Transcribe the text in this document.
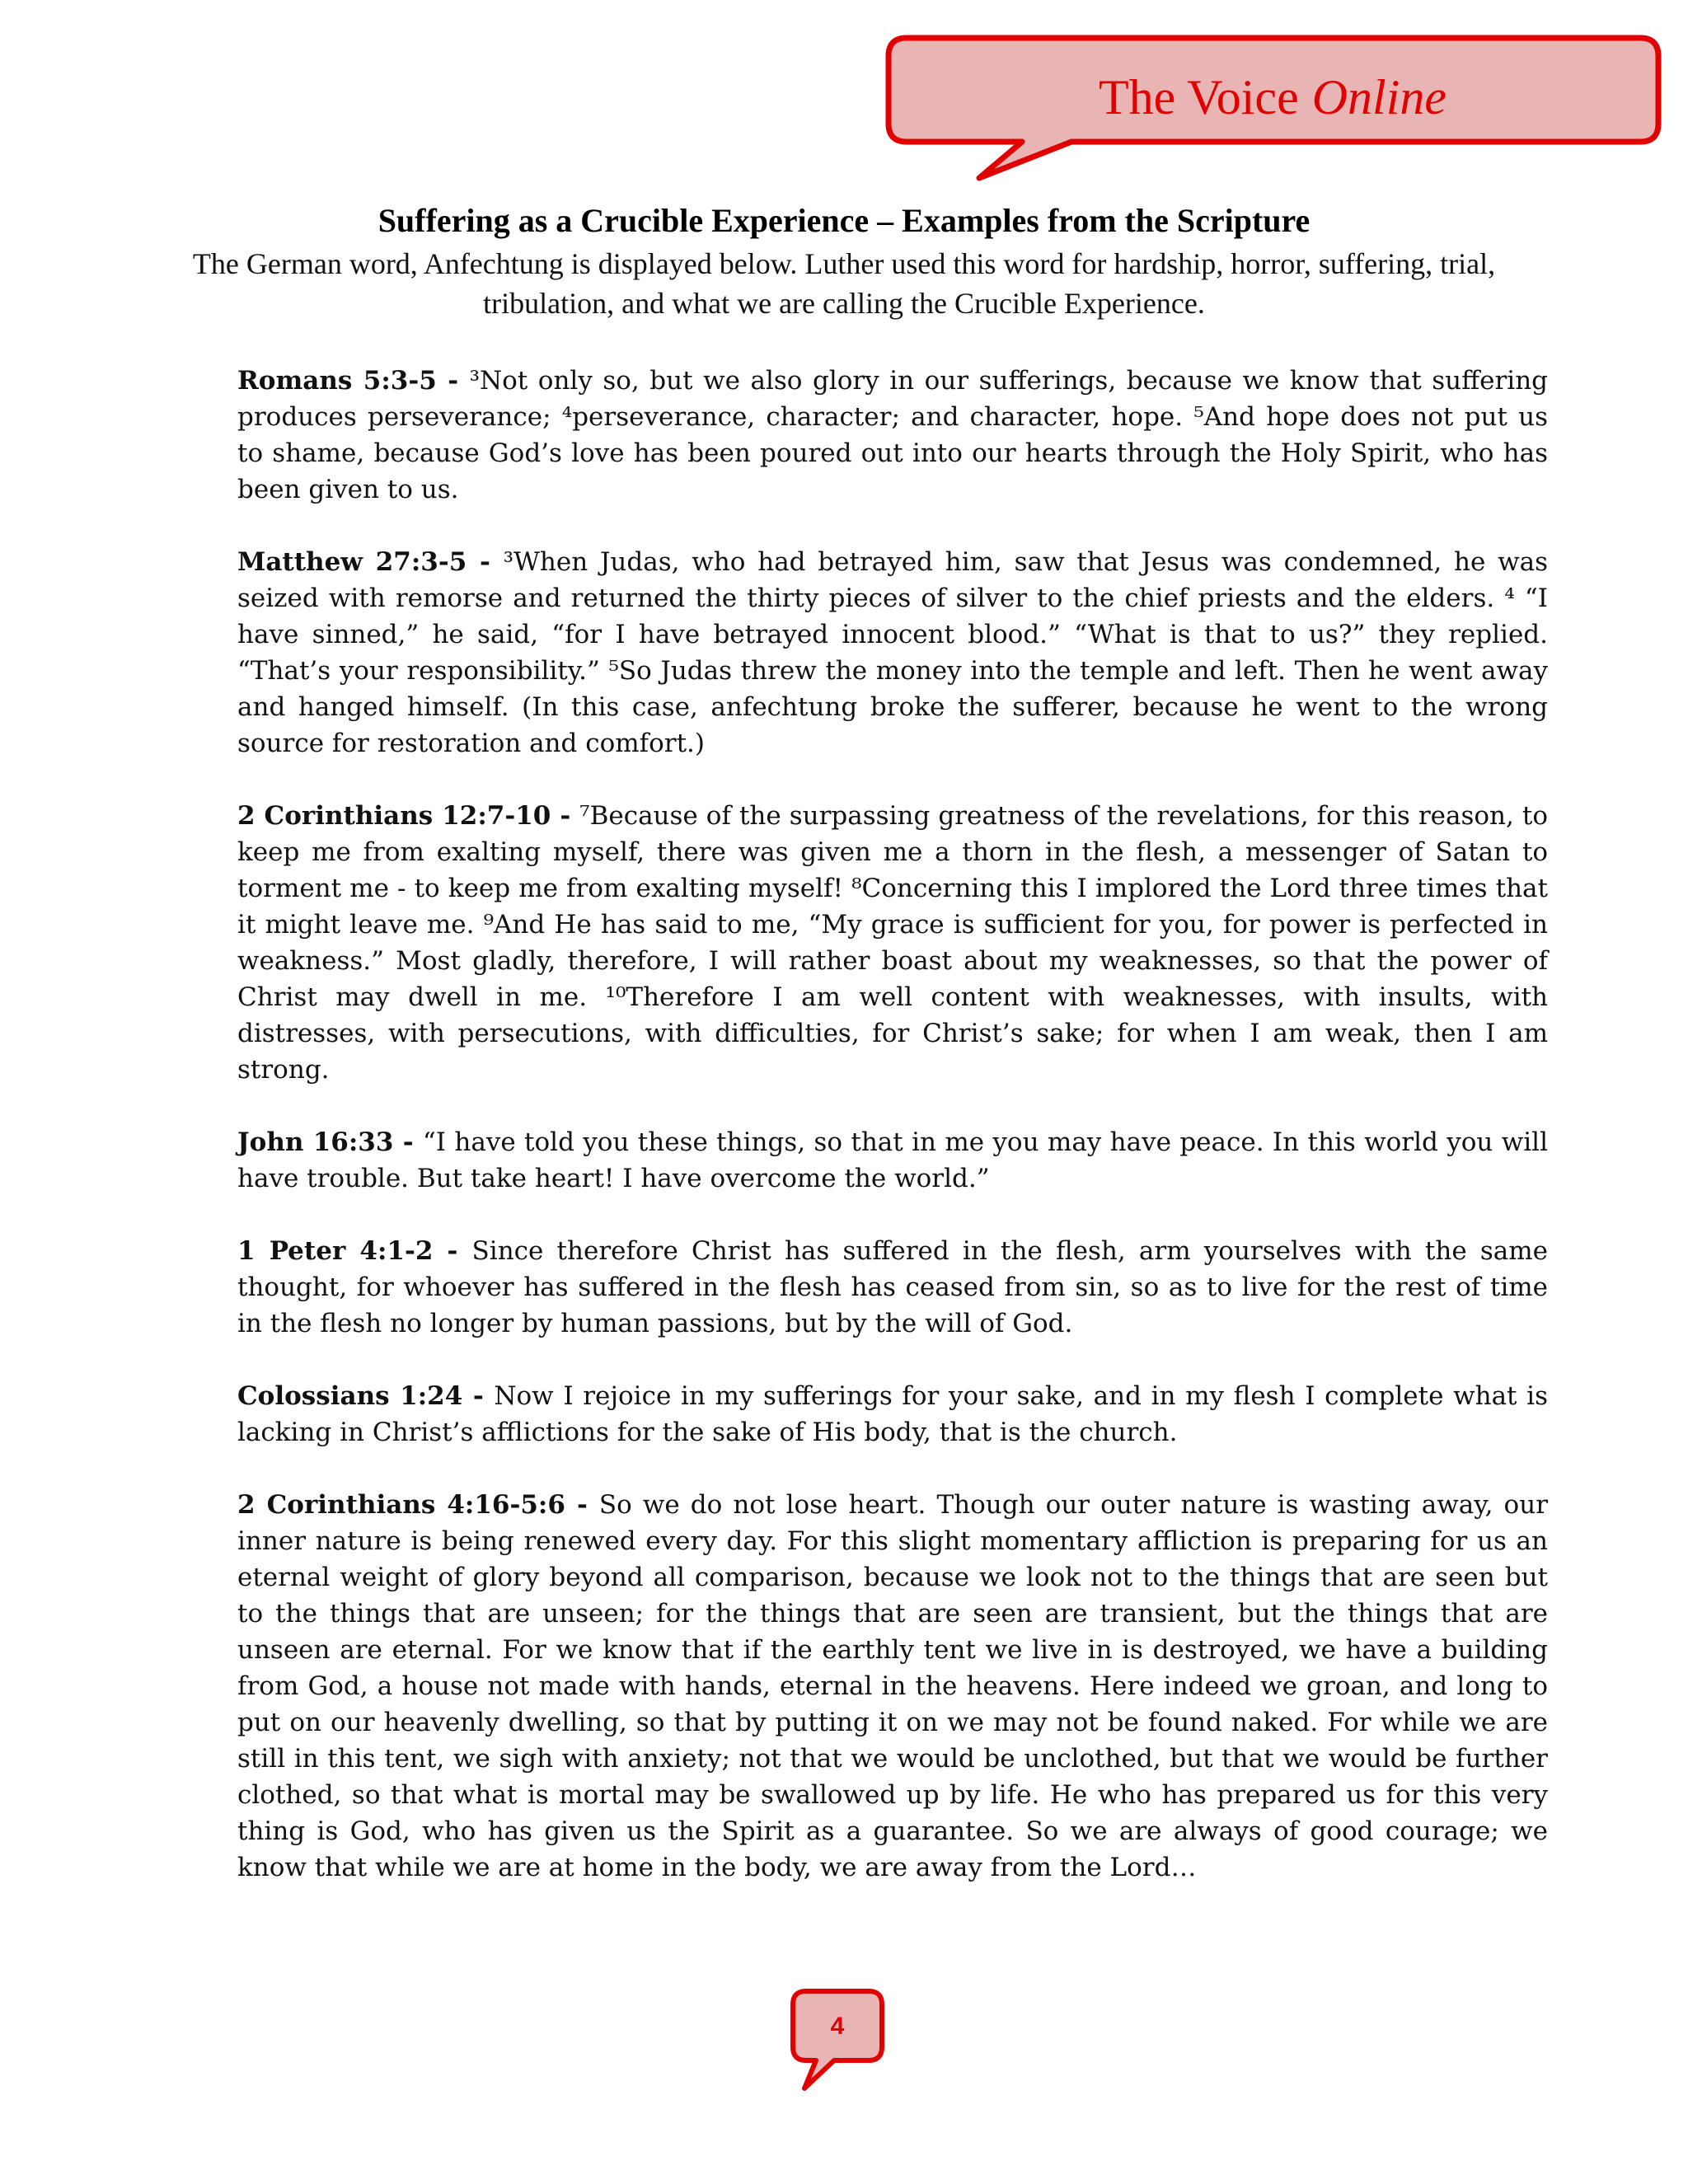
The Voice Online
Suffering as a Crucible Experience – Examples from the Scripture
The German word, Anfechtung is displayed below. Luther used this word for hardship, horror, suffering, trial, tribulation, and what we are calling the Crucible Experience.

Romans 5:3-5 - ³Not only so, but we also glory in our sufferings, because we know that suffering produces perseverance; ⁴perseverance, character; and character, hope. ⁵And hope does not put us to shame, because God’s love has been poured out into our hearts through the Holy Spirit, who has been given to us.

Matthew 27:3-5 - ³When Judas, who had betrayed him, saw that Jesus was condemned, he was seized with remorse and returned the thirty pieces of silver to the chief priests and the elders. ⁴ “I have sinned,” he said, “for I have betrayed innocent blood.” “What is that to us?” they replied. “That’s your responsibility.” ⁵So Judas threw the money into the temple and left. Then he went away and hanged himself. (In this case, anfechtung broke the sufferer, because he went to the wrong source for restoration and comfort.)

2 Corinthians 12:7-10 - ⁷Because of the surpassing greatness of the revelations, for this reason, to keep me from exalting myself, there was given me a thorn in the flesh, a messenger of Satan to torment me - to keep me from exalting myself! ⁸Concerning this I implored the Lord three times that it might leave me. ⁹And He has said to me, “My grace is sufficient for you, for power is perfected in weakness.” Most gladly, therefore, I will rather boast about my weaknesses, so that the power of Christ may dwell in me. ¹⁰Therefore I am well content with weaknesses, with insults, with distresses, with persecutions, with difficulties, for Christ’s sake; for when I am weak, then I am strong.

John 16:33 - “I have told you these things, so that in me you may have peace. In this world you will have trouble. But take heart! I have overcome the world.”

1 Peter 4:1-2 - Since therefore Christ has suffered in the flesh, arm yourselves with the same thought, for whoever has suffered in the flesh has ceased from sin, so as to live for the rest of time in the flesh no longer by human passions, but by the will of God.

Colossians 1:24 - Now I rejoice in my sufferings for your sake, and in my flesh I complete what is lacking in Christ’s afflictions for the sake of His body, that is the church.

2 Corinthians 4:16-5:6 - So we do not lose heart. Though our outer nature is wasting away, our inner nature is being renewed every day. For this slight momentary affliction is preparing for us an eternal weight of glory beyond all comparison, because we look not to the things that are seen but to the things that are unseen; for the things that are seen are transient, but the things that are unseen are eternal. For we know that if the earthly tent we live in is destroyed, we have a building from God, a house not made with hands, eternal in the heavens. Here indeed we groan, and long to put on our heavenly dwelling, so that by putting it on we may not be found naked. For while we are still in this tent, we sigh with anxiety; not that we would be unclothed, but that we would be further clothed, so that what is mortal may be swallowed up by life. He who has prepared us for this very thing is God, who has given us the Spirit as a guarantee. So we are always of good courage; we know that while we are at home in the body, we are away from the Lord…

4
